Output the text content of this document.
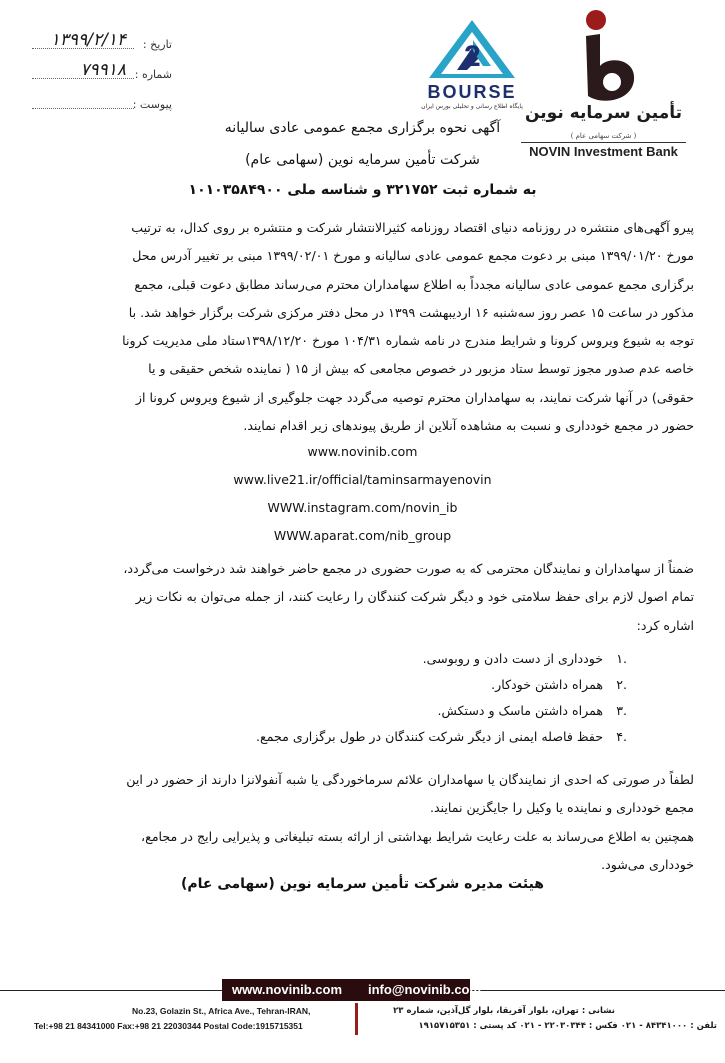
تاریخ :
۱۳۹۹/۲/۱۴
شماره :
۷۹۹۱۸
پیوست :
2
BOURSE
پایگاه اطلاع رسانی و تحلیلی بورس ایران تأمین سرمایه نوین
( شرکت سهامی عام )
NOVIN Investment Bank
آگهی نحوه برگزاری مجمع عمومی عادی سالیانه
شرکت تأمین سرمایه نوین (سهامی عام)
به شماره ثبت ۳۲۱۷۵۲ و شناسه ملی ۱۰۱۰۳۵۸۴۹۰۰
پیرو آگهی‌های منتشره در روزنامه دنیای اقتصاد روزنامه کثیرالانتشار شرکت و منتشره بر روی کدال، به ترتیب
مورخ ۱۳۹۹/۰۱/۲۰ مبنی بر دعوت مجمع عمومی عادی سالیانه و مورخ ۱۳۹۹/۰۲/۰۱ مبنی بر تغییر آدرس محل
برگزاری مجمع عمومی عادی سالیانه مجدداً به اطلاع سهامداران محترم می‌رساند مطابق دعوت قبلی، مجمع
مذکور در ساعت ۱۵ عصر روز سه‌شنبه ۱۶ اردیبهشت ۱۳۹۹ در محل دفتر مرکزی شرکت برگزار خواهد شد. با
توجه به شیوع ویروس کرونا و شرایط مندرج در نامه شماره ۱۰۴/۳۱ مورخ ۱۳۹۸/۱۲/۲۰ستاد ملی مدیریت کرونا
خاصه عدم صدور مجوز توسط ستاد مزبور در خصوص مجامعی که بیش از ۱۵ ( نماینده شخص حقیقی و یا
حقوقی) در آنها شرکت نمایند، به سهامداران محترم توصیه می‌گردد جهت جلوگیری از شیوع ویروس کرونا از
حضور در مجمع خودداری و نسبت به مشاهده آنلاین از طریق پیوندهای زیر اقدام نمایند.
www.novinib.com
www.live21.ir/official/taminsarmayenovin
WWW.instagram.com/novin_ib
WWW.aparat.com/nib_group
ضمناً از سهامداران و نمایندگان محترمی که به صورت حضوری در مجمع حاضر خواهند شد درخواست می‌گردد،
تمام اصول لازم برای حفظ سلامتی خود و دیگر شرکت کنندگان را رعایت کنند، از جمله می‌توان به نکات زیر
اشاره کرد:
.۱
خودداری از دست دادن و روبوسی.
.۲
همراه داشتن خودکار.
.۳
همراه داشتن ماسک و دستکش.
.۴
حفظ فاصله ایمنی از دیگر شرکت کنندگان در طول برگزاری مجمع.
لطفاً در صورتی که احدی از نمایندگان یا سهامداران علائم سرماخوردگی یا شبه آنفولانزا دارند از حضور در این
مجمع خودداری و نماینده یا وکیل را جایگزین نمایند.
همچنین به اطلاع می‌رساند به علت رعایت شرایط بهداشتی از ارائه بسته تبلیغاتی و پذیرایی رایج در مجامع،
خودداری می‌شود.
هیئت مدیره شرکت تأمین سرمایه نوین (سهامی عام)
www.novinib.com info@novinib.com
No.23, Golazin St., Africa Ave., Tehran-IRAN,
Tel:+98 21 84341000 Fax:+98 21 22030344 Postal Code:1915715351
نشانی : تهران، بلوار آفریقا، بلوار گل‌آذین، شماره ۲۳
تلفن : ۸۴۳۴۱۰۰۰ - ۰۲۱ فکس : ۲۲۰۳۰۳۴۴ - ۰۲۱ کد پستی : ۱۹۱۵۷۱۵۳۵۱
